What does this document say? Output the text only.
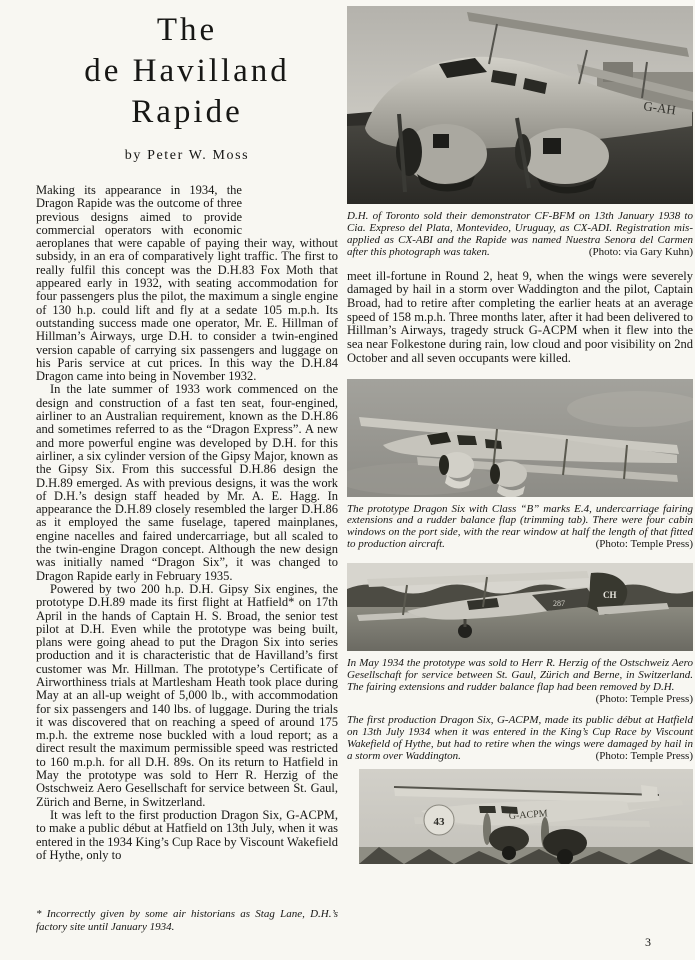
The
de Havilland
Rapide
by Peter W. Moss

Making its appearance in 1934, the Dragon Rapide was the outcome of three previous designs aimed to provide commercial operators with economic aeroplanes that were capable of paying their way, without subsidy, in an era of comparatively light traffic. The first to really fulfil this concept was the D.H.83 Fox Moth that appeared early in 1932, with seating accommodation for four passengers plus the pilot, the maximum a single engine of 130 h.p. could lift and fly at a sedate 105 m.p.h. Its outstanding success made one operator, Mr. E. Hillman of Hillman’s Airways, urge D.H. to consider a twin-engined version capable of carrying six passengers and luggage on his Paris service at cut prices. In this way the D.H.84 Dragon came into being in November 1932.

In the late summer of 1933 work commenced on the design and construction of a fast ten seat, four-engined, airliner to an Australian requirement, known as the D.H.86 and sometimes referred to as the “Dragon Express”. A new and more powerful engine was developed by D.H. for this airliner, a six cylinder version of the Gipsy Major, known as the Gipsy Six. From this successful D.H.86 design the D.H.89 emerged. As with previous designs, it was the work of D.H.’s design staff headed by Mr. A. E. Hagg. In appearance the D.H.89 closely resembled the larger D.H.86 as it employed the same fuselage, tapered mainplanes, engine nacelles and faired undercarriage, but all scaled to the twin-engine Dragon concept. Although the new design was initially named “Dragon Six”, it was changed to Dragon Rapide early in February 1935.

Powered by two 200 h.p. D.H. Gipsy Six engines, the prototype D.H.89 made its first flight at Hatfield* on 17th April in the hands of Captain H. S. Broad, the senior test pilot at D.H. Even while the prototype was being built, plans were going ahead to put the Dragon Six into series production and it is characteristic that de Havilland’s first customer was Mr. Hillman. The prototype’s Certificate of Airworthiness trials at Martlesham Heath took place during May at an all-up weight of 5,000 lb., with accommodation for six passengers and 140 lbs. of luggage. During the trials it was discovered that on reaching a speed of around 175 m.p.h. the extreme nose buckled with a loud report; as a direct result the maximum permissible speed was restricted to 160 m.p.h. for all D.H. 89s. On its return to Hatfield in May the prototype was sold to Herr R. Herzig of the Ostschweiz Aero Gesellschaft for service between St. Gaul, Zürich and Berne, in Switzerland.

It was left to the first production Dragon Six, G-ACPM, to make a public début at Hatfield on 13th July, when it was entered in the 1934 King’s Cup Race by Viscount Wakefield of Hythe, only to

* Incorrectly given by some air historians as Stag Lane, D.H.’s factory site until January 1934.
G-AH
D.H. of Toronto sold their demonstrator CF-BFM on 13th January 1938 to Cia. Expreso del Plata, Montevideo, Uruguay, as CX-ADI. Registration mis-applied as CX-ABI and the Rapide was named Nuestra Senora del Carmen after this photograph was taken.	(Photo: via Gary Kuhn)

meet ill-fortune in Round 2, heat 9, when the wings were severely damaged by hail in a storm over Waddington and the pilot, Captain Broad, had to retire after completing the earlier heats at an average speed of 158 m.p.h. Three months later, after it had been delivered to Hillman’s Airways, tragedy struck G-ACPM when it flew into the sea near Folkestone during rain, low cloud and poor visibility on 2nd October and all seven occupants were killed.

The prototype Dragon Six with Class “B” marks E.4, undercarriage fairing extensions and a rudder balance flap (trimming tab). There were four cabin windows on the port side, with the rear window at half the length of that fitted to production aircraft.	(Photo: Temple Press)
287
CH
In May 1934 the prototype was sold to Herr R. Herzig of the Ostschweiz Aero Gesellschaft for service between St. Gaul, Zürich and Berne, in Switzerland. The fairing extensions and rudder balance flap had been removed by D.H.
(Photo: Temple Press)
The first production Dragon Six, G-ACPM, made its public début at Hatfield on 13th July 1934 when it was entered in the King’s Cup Race by Viscount Wakefield of Hythe, but had to retire when the wings were damaged by hail in a storm over Waddington.	(Photo: Temple Press)
43
G-ACPM
3
